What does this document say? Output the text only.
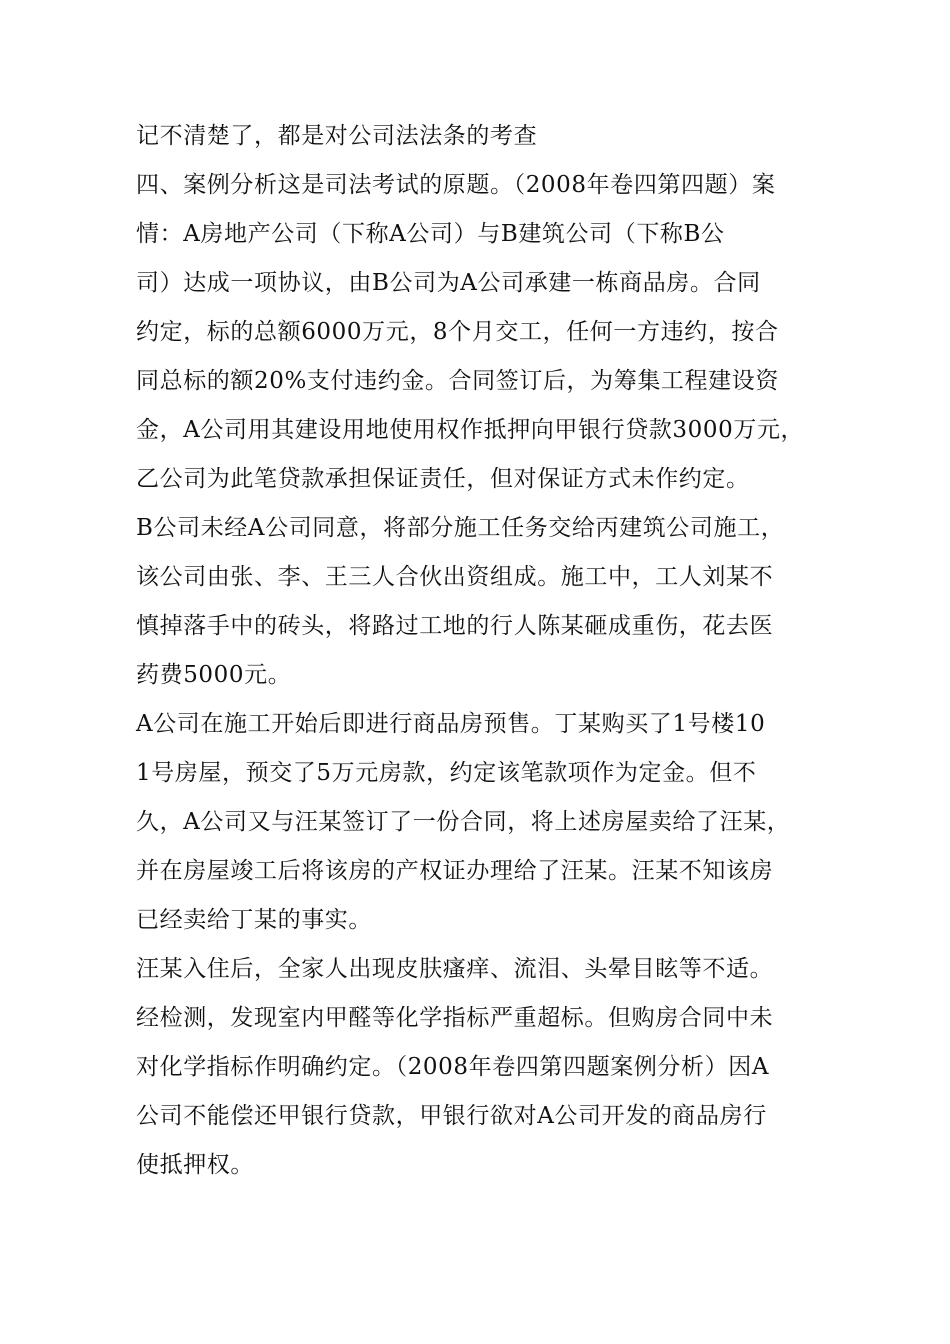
记不清楚了，都是对公司法法条的考查
四、案例分析这是司法考试的原题。（2008年卷四第四题）案
情：A房地产公司（下称A公司）与B建筑公司（下称B公
司）达成一项协议，由B公司为A公司承建一栋商品房。合同
约定，标的总额6000万元，8个月交工，任何一方违约，按合
同总标的额20%支付违约金。合同签订后，为筹集工程建设资
金，A公司用其建设用地使用权作抵押向甲银行贷款3000万元，
乙公司为此笔贷款承担保证责任，但对保证方式未作约定。
B公司未经A公司同意，将部分施工任务交给丙建筑公司施工，
该公司由张、李、王三人合伙出资组成。施工中，工人刘某不
慎掉落手中的砖头，将路过工地的行人陈某砸成重伤，花去医
药费5000元。
A公司在施工开始后即进行商品房预售。丁某购买了1号楼10
1号房屋，预交了5万元房款，约定该笔款项作为定金。但不
久，A公司又与汪某签订了一份合同，将上述房屋卖给了汪某，
并在房屋竣工后将该房的产权证办理给了汪某。汪某不知该房
已经卖给丁某的事实。
汪某入住后，全家人出现皮肤瘙痒、流泪、头晕目眩等不适。
经检测，发现室内甲醛等化学指标严重超标。但购房合同中未
对化学指标作明确约定。（2008年卷四第四题案例分析）因A
公司不能偿还甲银行贷款，甲银行欲对A公司开发的商品房行
使抵押权。
